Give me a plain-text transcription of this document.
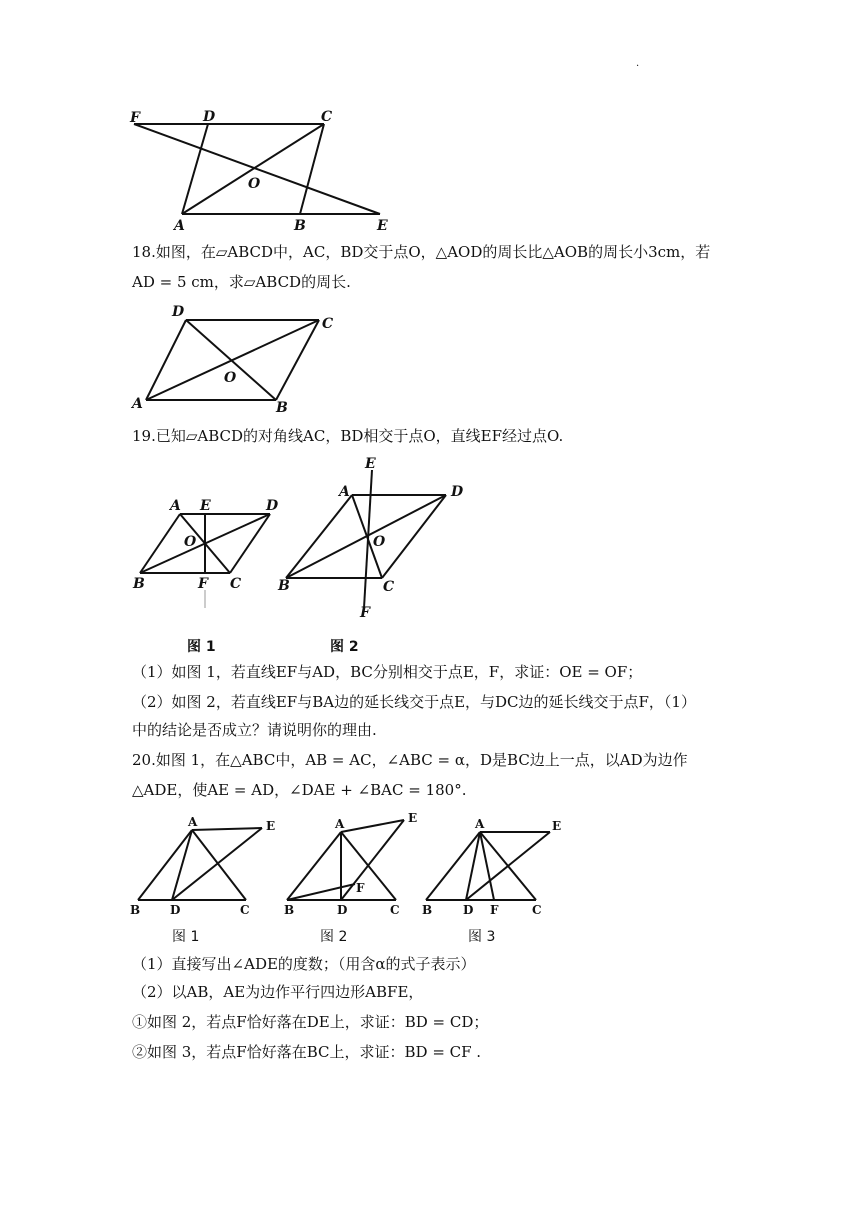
.
F	D	C
O
A	B	E
18.如图，在▱ABCD中，AC，BD交于点O，△AOD的周长比△AOB的周长小3cm，若
AD = 5 cm，求▱ABCD的周长.
D
C
O
A	B
19.已知▱ABCD的对角线AC，BD相交于点O，直线EF经过点O.
A E	D
O
B	F C
E
A	D
O
B	C
F
图 1	图 2
（1）如图 1，若直线EF与AD，BC分别相交于点E，F，求证：OE = OF；
（2）如图 2，若直线EF与BA边的延长线交于点E，与DC边的延长线交于点F，（1）
中的结论是否成立？请说明你的理由.
20.如图 1，在△ABC中，AB = AC，∠ABC = α，D是BC边上一点，以AD为边作
△ADE，使AE = AD，∠DAE + ∠BAC = 180°.
A	E
B D	C
A	E
F
B	D	C
A	E
B	D F	C
图 1	图 2	图 3
（1）直接写出∠ADE的度数；（用含α的式子表示）
（2）以AB，AE为边作平行四边形ABFE，
①如图 2，若点F恰好落在DE上，求证：BD = CD；
②如图 3，若点F恰好落在BC上，求证：BD = CF .
